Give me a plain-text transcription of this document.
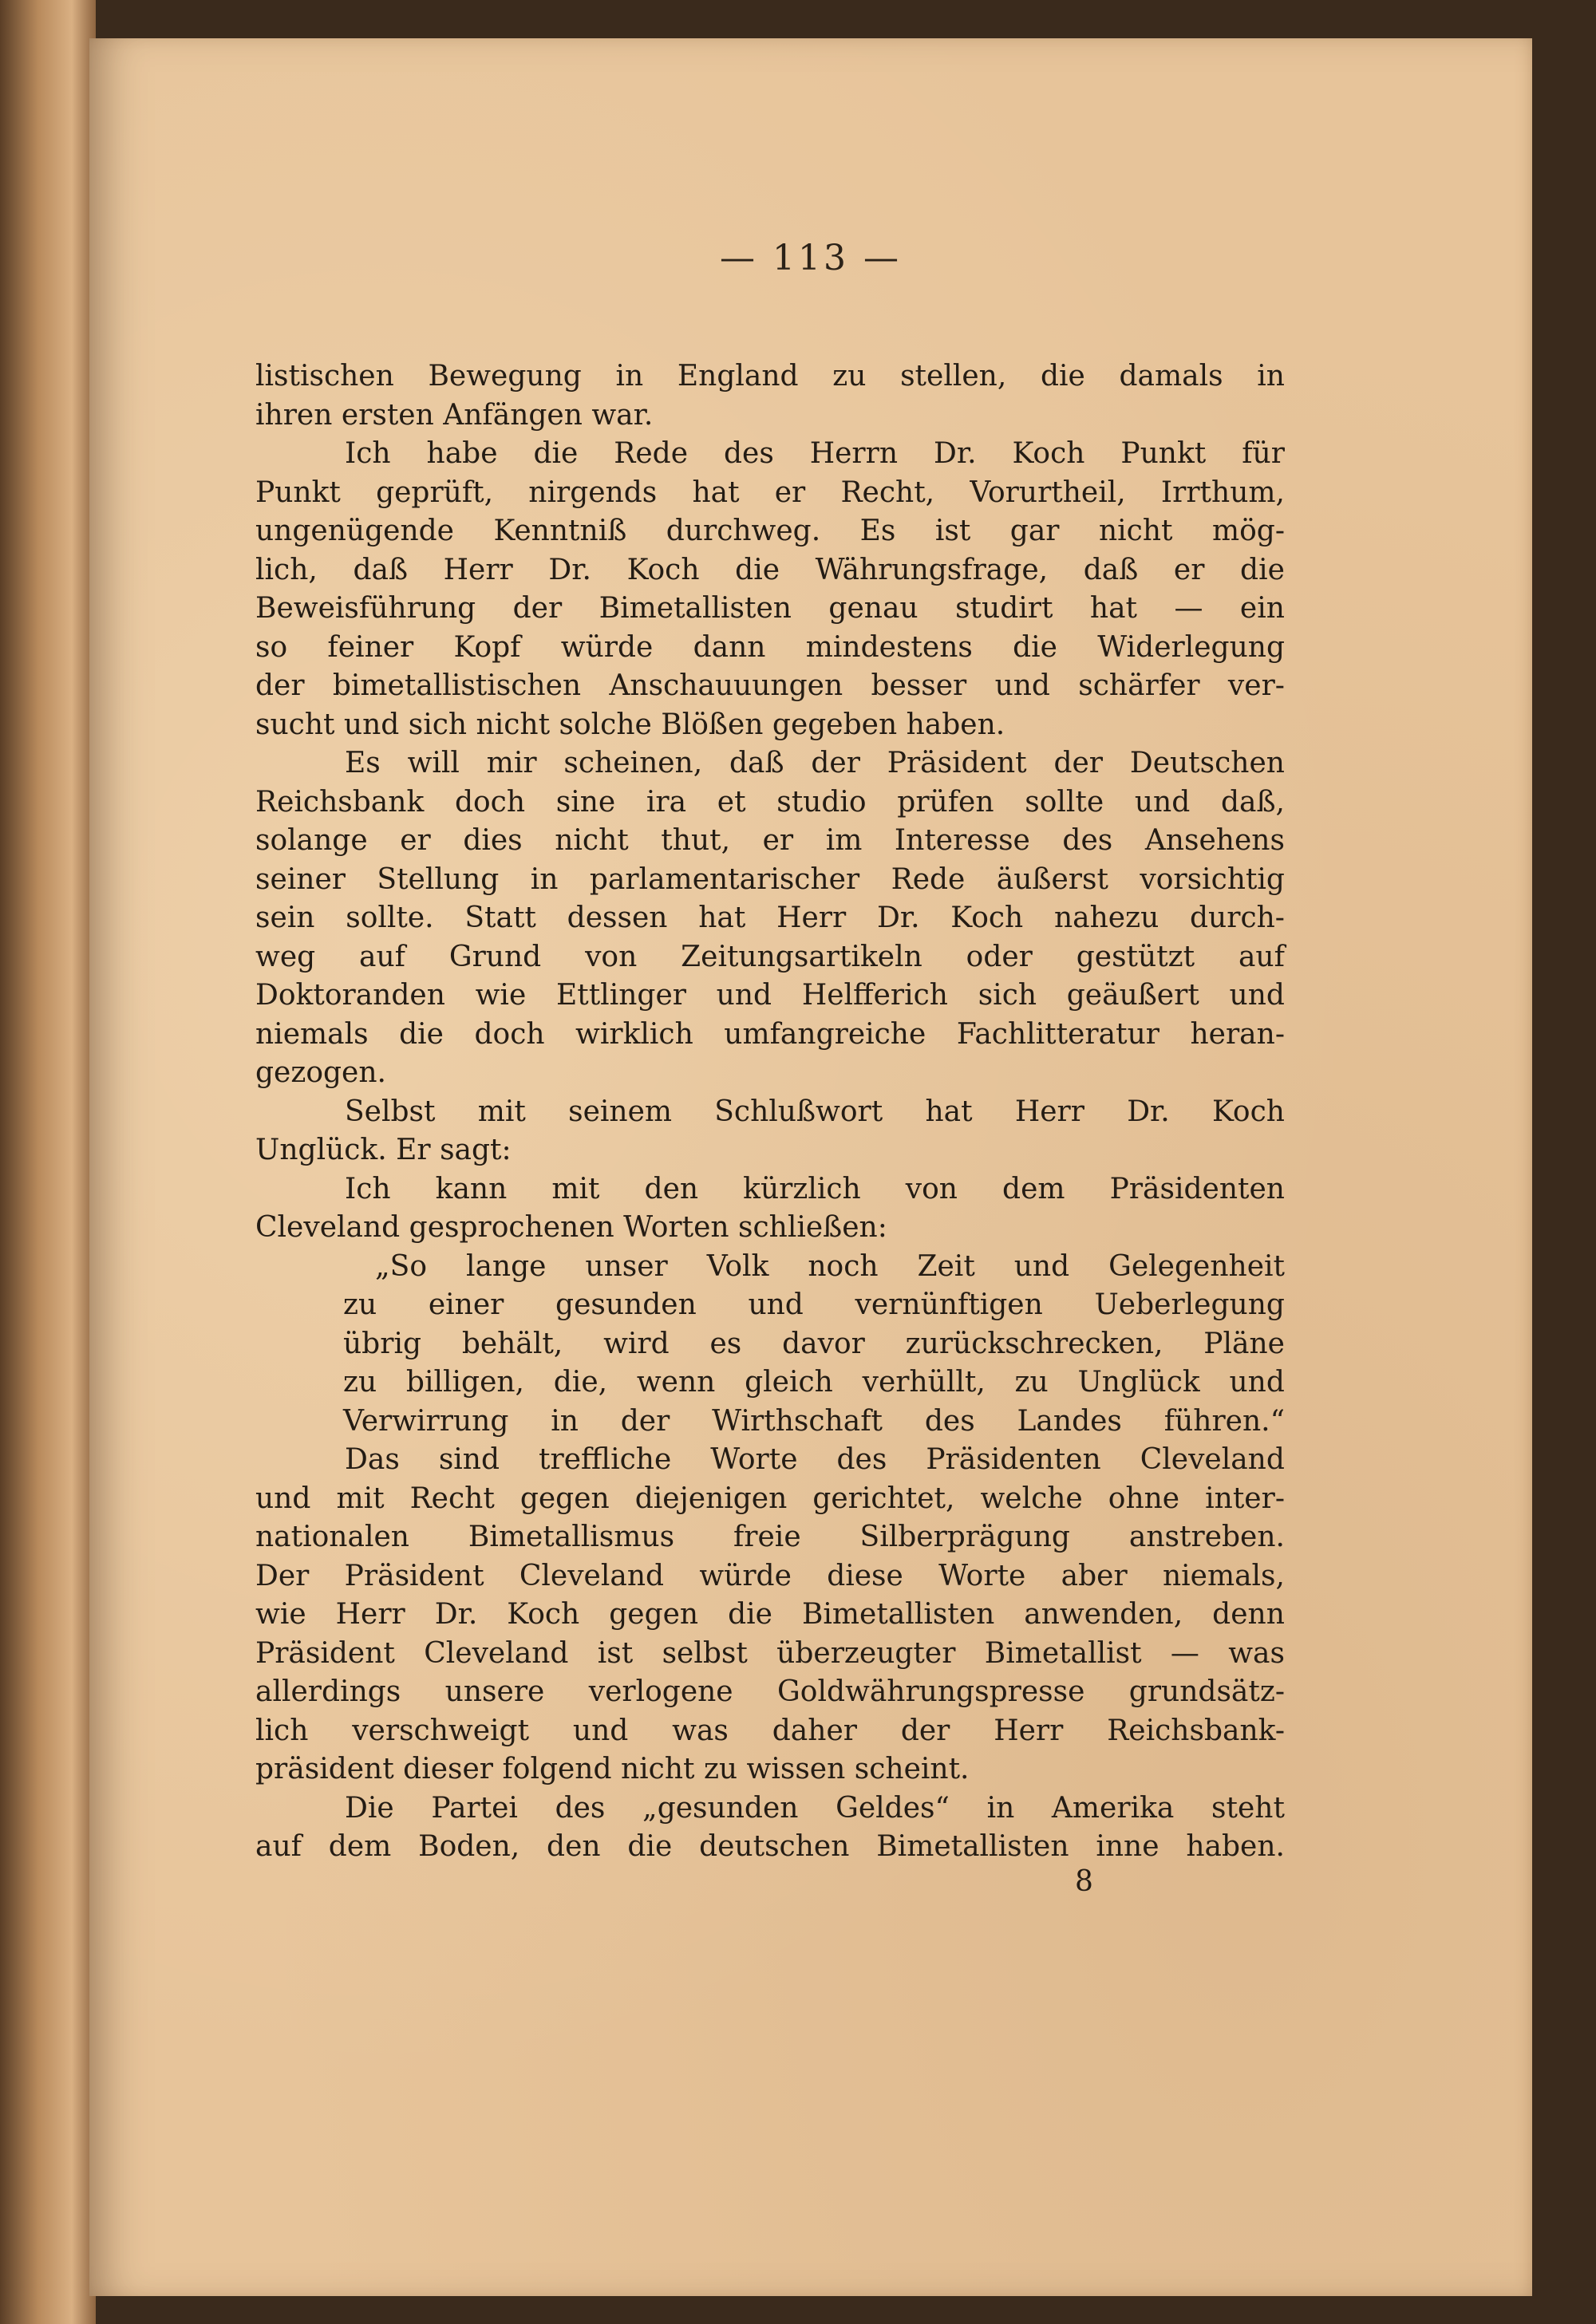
— 113 —
listischen Bewegung in England zu stellen, die damals in
ihren ersten Anfängen war.
Ich habe die Rede des Herrn Dr. Koch Punkt für
Punkt geprüft, nirgends hat er Recht, Vorurtheil, Irrthum,
ungenügende Kenntniß durchweg. Es ist gar nicht mög-
lich, daß Herr Dr. Koch die Währungsfrage, daß er die
Beweisführung der Bimetallisten genau studirt hat — ein
so feiner Kopf würde dann mindestens die Widerlegung
der bimetallistischen Anschauuungen besser und schärfer ver-
sucht und sich nicht solche Blößen gegeben haben.
Es will mir scheinen, daß der Präsident der Deutschen
Reichsbank doch sine ira et studio prüfen sollte und daß,
solange er dies nicht thut, er im Interesse des Ansehens
seiner Stellung in parlamentarischer Rede äußerst vorsichtig
sein sollte. Statt dessen hat Herr Dr. Koch nahezu durch-
weg auf Grund von Zeitungsartikeln oder gestützt auf
Doktoranden wie Ettlinger und Helfferich sich geäußert und
niemals die doch wirklich umfangreiche Fachlitteratur heran-
gezogen.
Selbst mit seinem Schlußwort hat Herr Dr. Koch
Unglück. Er sagt:
Ich kann mit den kürzlich von dem Präsidenten
Cleveland gesprochenen Worten schließen:
„So lange unser Volk noch Zeit und Gelegenheit
zu einer gesunden und vernünftigen Ueberlegung
übrig behält, wird es davor zurückschrecken, Pläne
zu billigen, die, wenn gleich verhüllt, zu Unglück und
Verwirrung in der Wirthschaft des Landes führen.“
Das sind treffliche Worte des Präsidenten Cleveland
und mit Recht gegen diejenigen gerichtet, welche ohne inter-
nationalen Bimetallismus freie Silberprägung anstreben.
Der Präsident Cleveland würde diese Worte aber niemals,
wie Herr Dr. Koch gegen die Bimetallisten anwenden, denn
Präsident Cleveland ist selbst überzeugter Bimetallist — was
allerdings unsere verlogene Goldwährungspresse grundsätz-
lich verschweigt und was daher der Herr Reichsbank-
präsident dieser folgend nicht zu wissen scheint.
Die Partei des „gesunden Geldes“ in Amerika steht
auf dem Boden, den die deutschen Bimetallisten inne haben.
8
